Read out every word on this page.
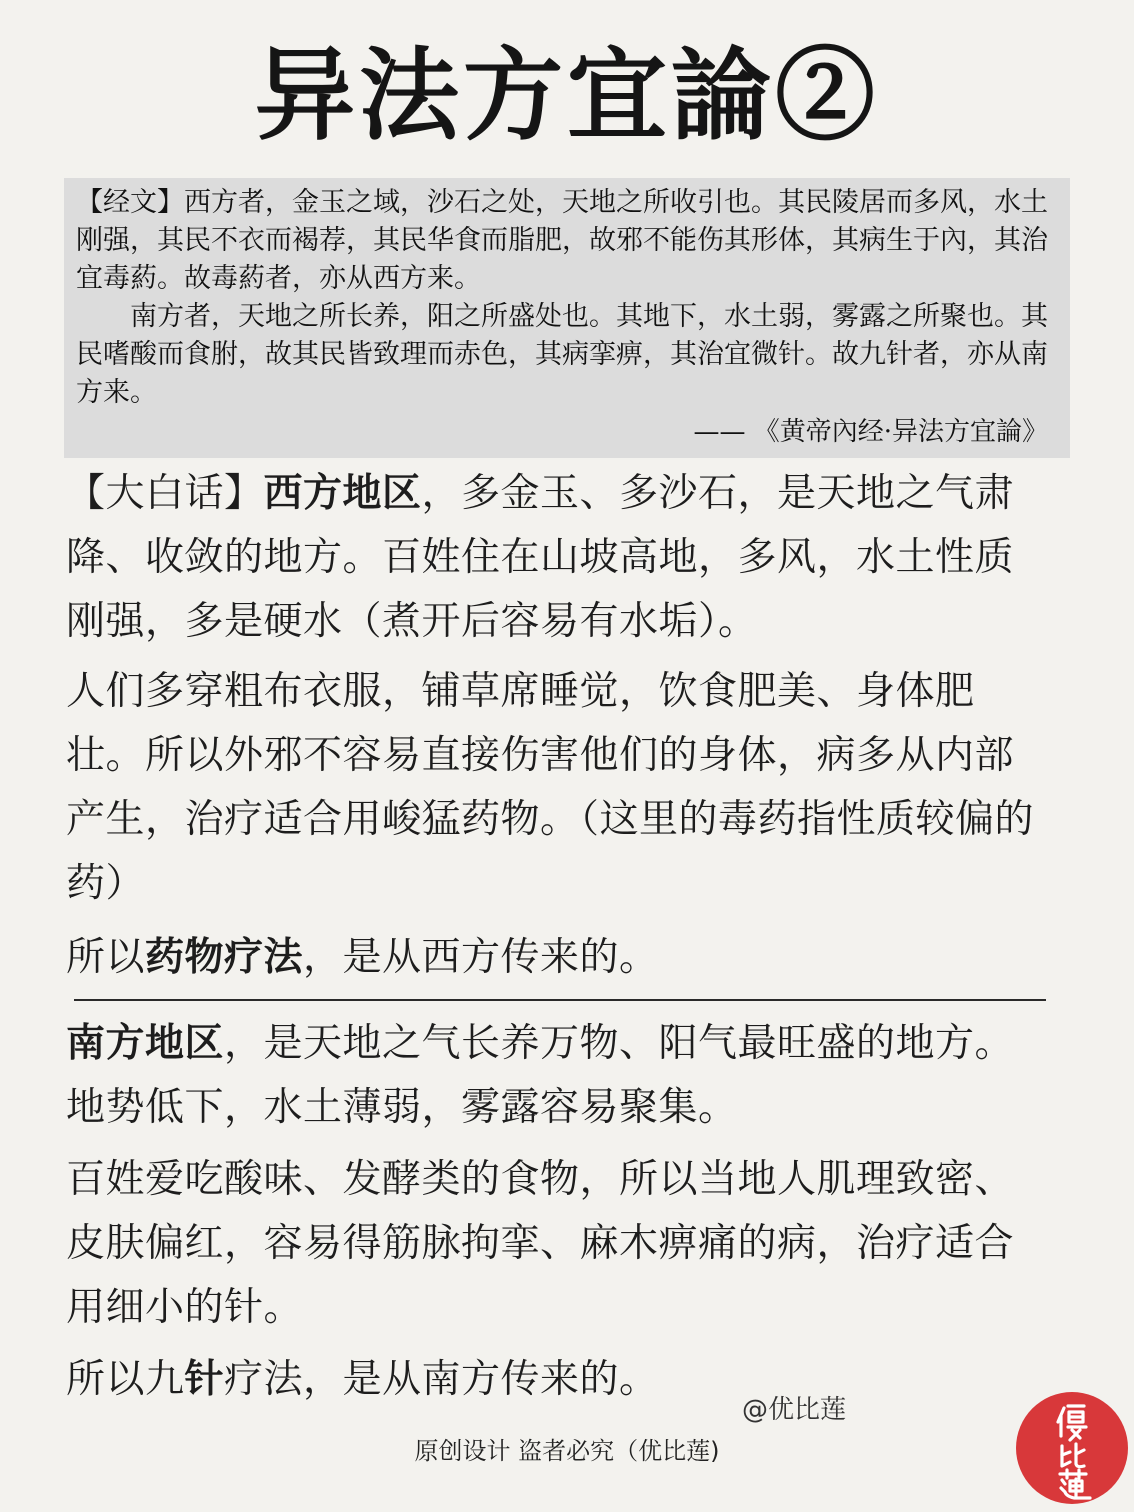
异法方宜論②

【经文】西方者，金玉之域，沙石之处，天地之所收引也。其民陵居而多风，水土刚强，其民不衣而褐荐，其民华食而脂肥，故邪不能伤其形体，其病生于內，其治宜毒葯。故毒葯者，亦从西方来。

南方者，天地之所长养，阳之所盛处也。其地下，水土弱，雾露之所聚也。其民嗜酸而食胕，故其民皆致理而赤色，其病挛痹，其治宜微针。故九针者，亦从南方来。

—— 《黄帝內经·异法方宜論》

【大白话】西方地区，多金玉、多沙石，是天地之气肃降、收敛的地方。百姓住在山坡高地，多风，水土性质刚强，多是硬水（煮开后容易有水垢）。

人们多穿粗布衣服，铺草席睡觉，饮食肥美、身体肥壮。所以外邪不容易直接伤害他们的身体，病多从内部产生，治疗适合用峻猛药物。（这里的毒药指性质较偏的药）

所以药物疗法，是从西方传来的。

南方地区，是天地之气长养万物、阳气最旺盛的地方。地势低下，水土薄弱，雾露容易聚集。

百姓爱吃酸味、发酵类的食物，所以当地人肌理致密、皮肤偏红，容易得筋脉拘挛、麻木痹痛的病，治疗适合用细小的针。

所以九针疗法，是从南方传来的。

@优比莲
原创设计 盗者必究（优比莲)
